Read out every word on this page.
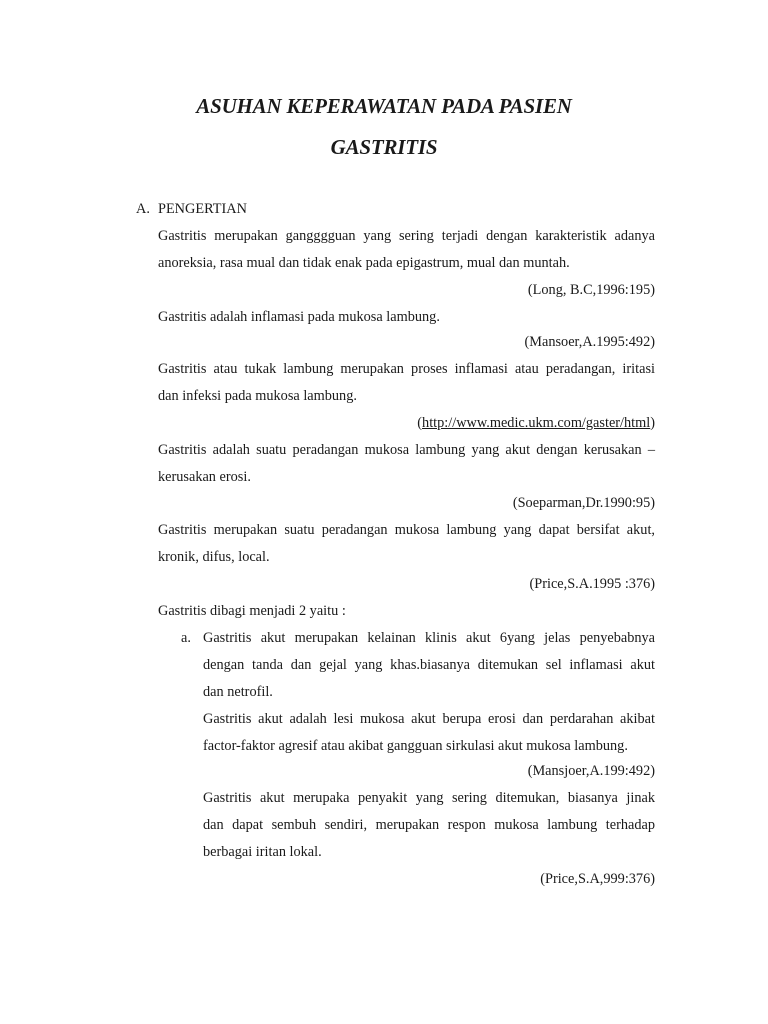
ASUHAN KEPERAWATAN PADA PASIEN
GASTRITIS
A. PENGERTIAN
Gastritis merupakan gangggguan yang sering terjadi dengan karakteristik adanya
anoreksia, rasa mual dan tidak enak pada epigastrum, mual dan muntah.
(Long, B.C,1996:195)
Gastritis adalah inflamasi pada mukosa lambung.
(Mansoer,A.1995:492)
Gastritis atau tukak lambung merupakan proses inflamasi atau peradangan, iritasi
dan infeksi pada mukosa lambung.
(http://www.medic.ukm.com/gaster/html)
Gastritis adalah suatu peradangan mukosa lambung yang akut dengan kerusakan –
kerusakan erosi.
(Soeparman,Dr.1990:95)
Gastritis merupakan suatu peradangan mukosa lambung yang dapat bersifat akut,
kronik, difus, local.
(Price,S.A.1995 :376)
Gastritis dibagi menjadi 2 yaitu :
a. Gastritis akut merupakan kelainan klinis akut 6yang jelas penyebabnya
dengan tanda dan gejal yang khas.biasanya ditemukan sel inflamasi akut
dan netrofil.
Gastritis akut adalah lesi mukosa akut berupa erosi dan perdarahan akibat
factor-faktor agresif atau akibat gangguan sirkulasi akut mukosa lambung.
(Mansjoer,A.199:492)
Gastritis akut merupaka penyakit yang sering ditemukan, biasanya jinak
dan dapat sembuh sendiri, merupakan respon mukosa lambung terhadap
berbagai iritan lokal.
(Price,S.A,999:376)
